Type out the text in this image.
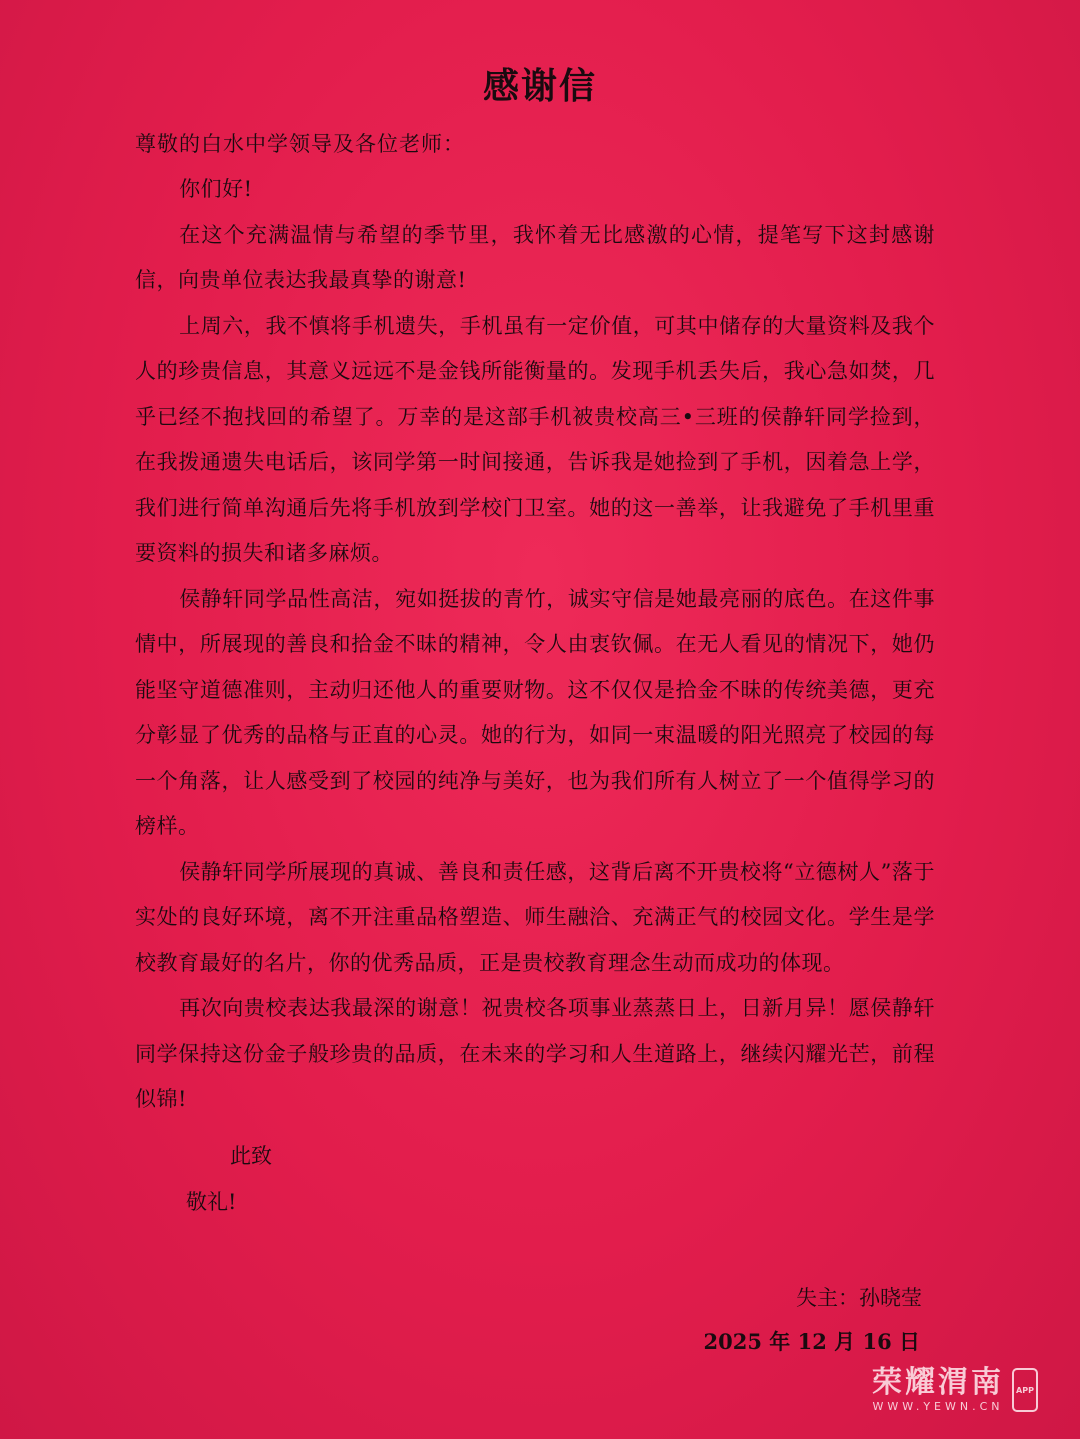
感谢信
尊敬的白水中学领导及各位老师：

你们好!

在这个充满温情与希望的季节里，我怀着无比感激的心情，提笔写下这封感谢信，向贵单位表达我最真挚的谢意!

上周六，我不慎将手机遗失，手机虽有一定价值，可其中储存的大量资料及我个人的珍贵信息，其意义远远不是金钱所能衡量的。发现手机丢失后，我心急如焚，几乎已经不抱找回的希望了。万幸的是这部手机被贵校高三•三班的侯静轩同学捡到，在我拨通遗失电话后，该同学第一时间接通，告诉我是她捡到了手机，因着急上学，我们进行简单沟通后先将手机放到学校门卫室。她的这一善举，让我避免了手机里重要资料的损失和诸多麻烦。

侯静轩同学品性高洁，宛如挺拔的青竹，诚实守信是她最亮丽的底色。在这件事情中，所展现的善良和拾金不昧的精神，令人由衷钦佩。在无人看见的情况下，她仍能坚守道德准则，主动归还他人的重要财物。这不仅仅是拾金不昧的传统美德，更充分彰显了优秀的品格与正直的心灵。她的行为，如同一束温暖的阳光照亮了校园的每一个角落，让人感受到了校园的纯净与美好，也为我们所有人树立了一个值得学习的榜样。

侯静轩同学所展现的真诚、善良和责任感，这背后离不开贵校将“立德树人”落于实处的良好环境，离不开注重品格塑造、师生融洽、充满正气的校园文化。学生是学校教育最好的名片，你的优秀品质，正是贵校教育理念生动而成功的体现。

再次向贵校表达我最深的谢意！祝贵校各项事业蒸蒸日上，日新月异！愿侯静轩同学保持这份金子般珍贵的品质，在未来的学习和人生道路上，继续闪耀光芒，前程似锦!

此致
敬礼!
失主：孙晓莹
2025 年 12 月 16 日
荣耀渭南
WWW.YEWN.CN
APP
